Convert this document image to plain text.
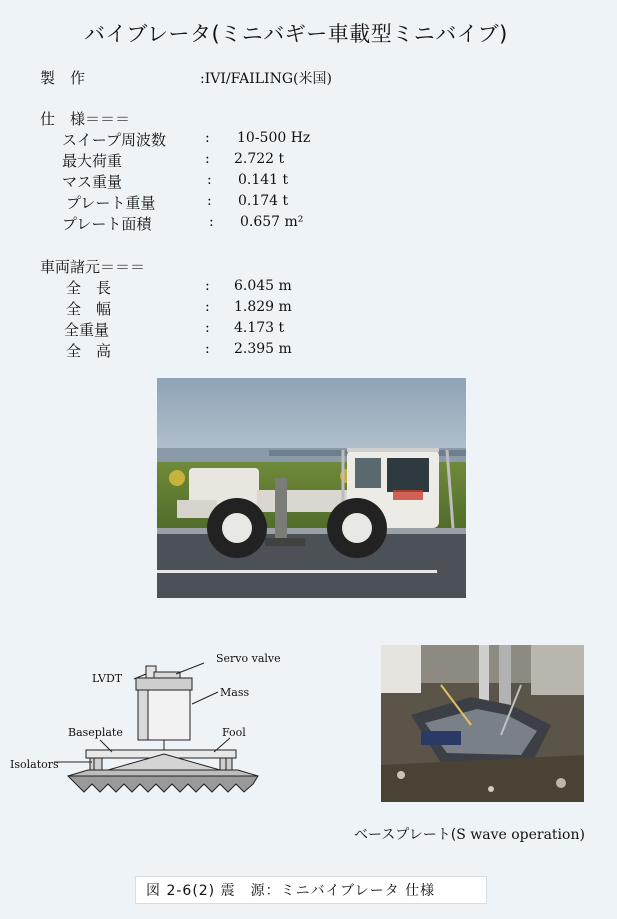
バイブレータ(ミニバギー車載型ミニバイブ)
製　作	:IVI/FAILING(米国)
仕　様＝＝＝
スイープ周波数	: 10-500 Hz
最大荷重	: 2.722 t
マス重量	: 0.141 t
プレート重量	: 0.174 t
プレート面積	: 0.657 m²
車両諸元＝＝＝
全　長	: 6.045 m
全　幅	: 1.829 m
全重量	: 4.173 t
全　高	: 2.395 m
Servo valve
LVDT
Mass
Baseplate	Fool
Isolators
ベースプレート(S wave operation)
図 2-6(2) 震　源：ミニバイブレータ 仕様
